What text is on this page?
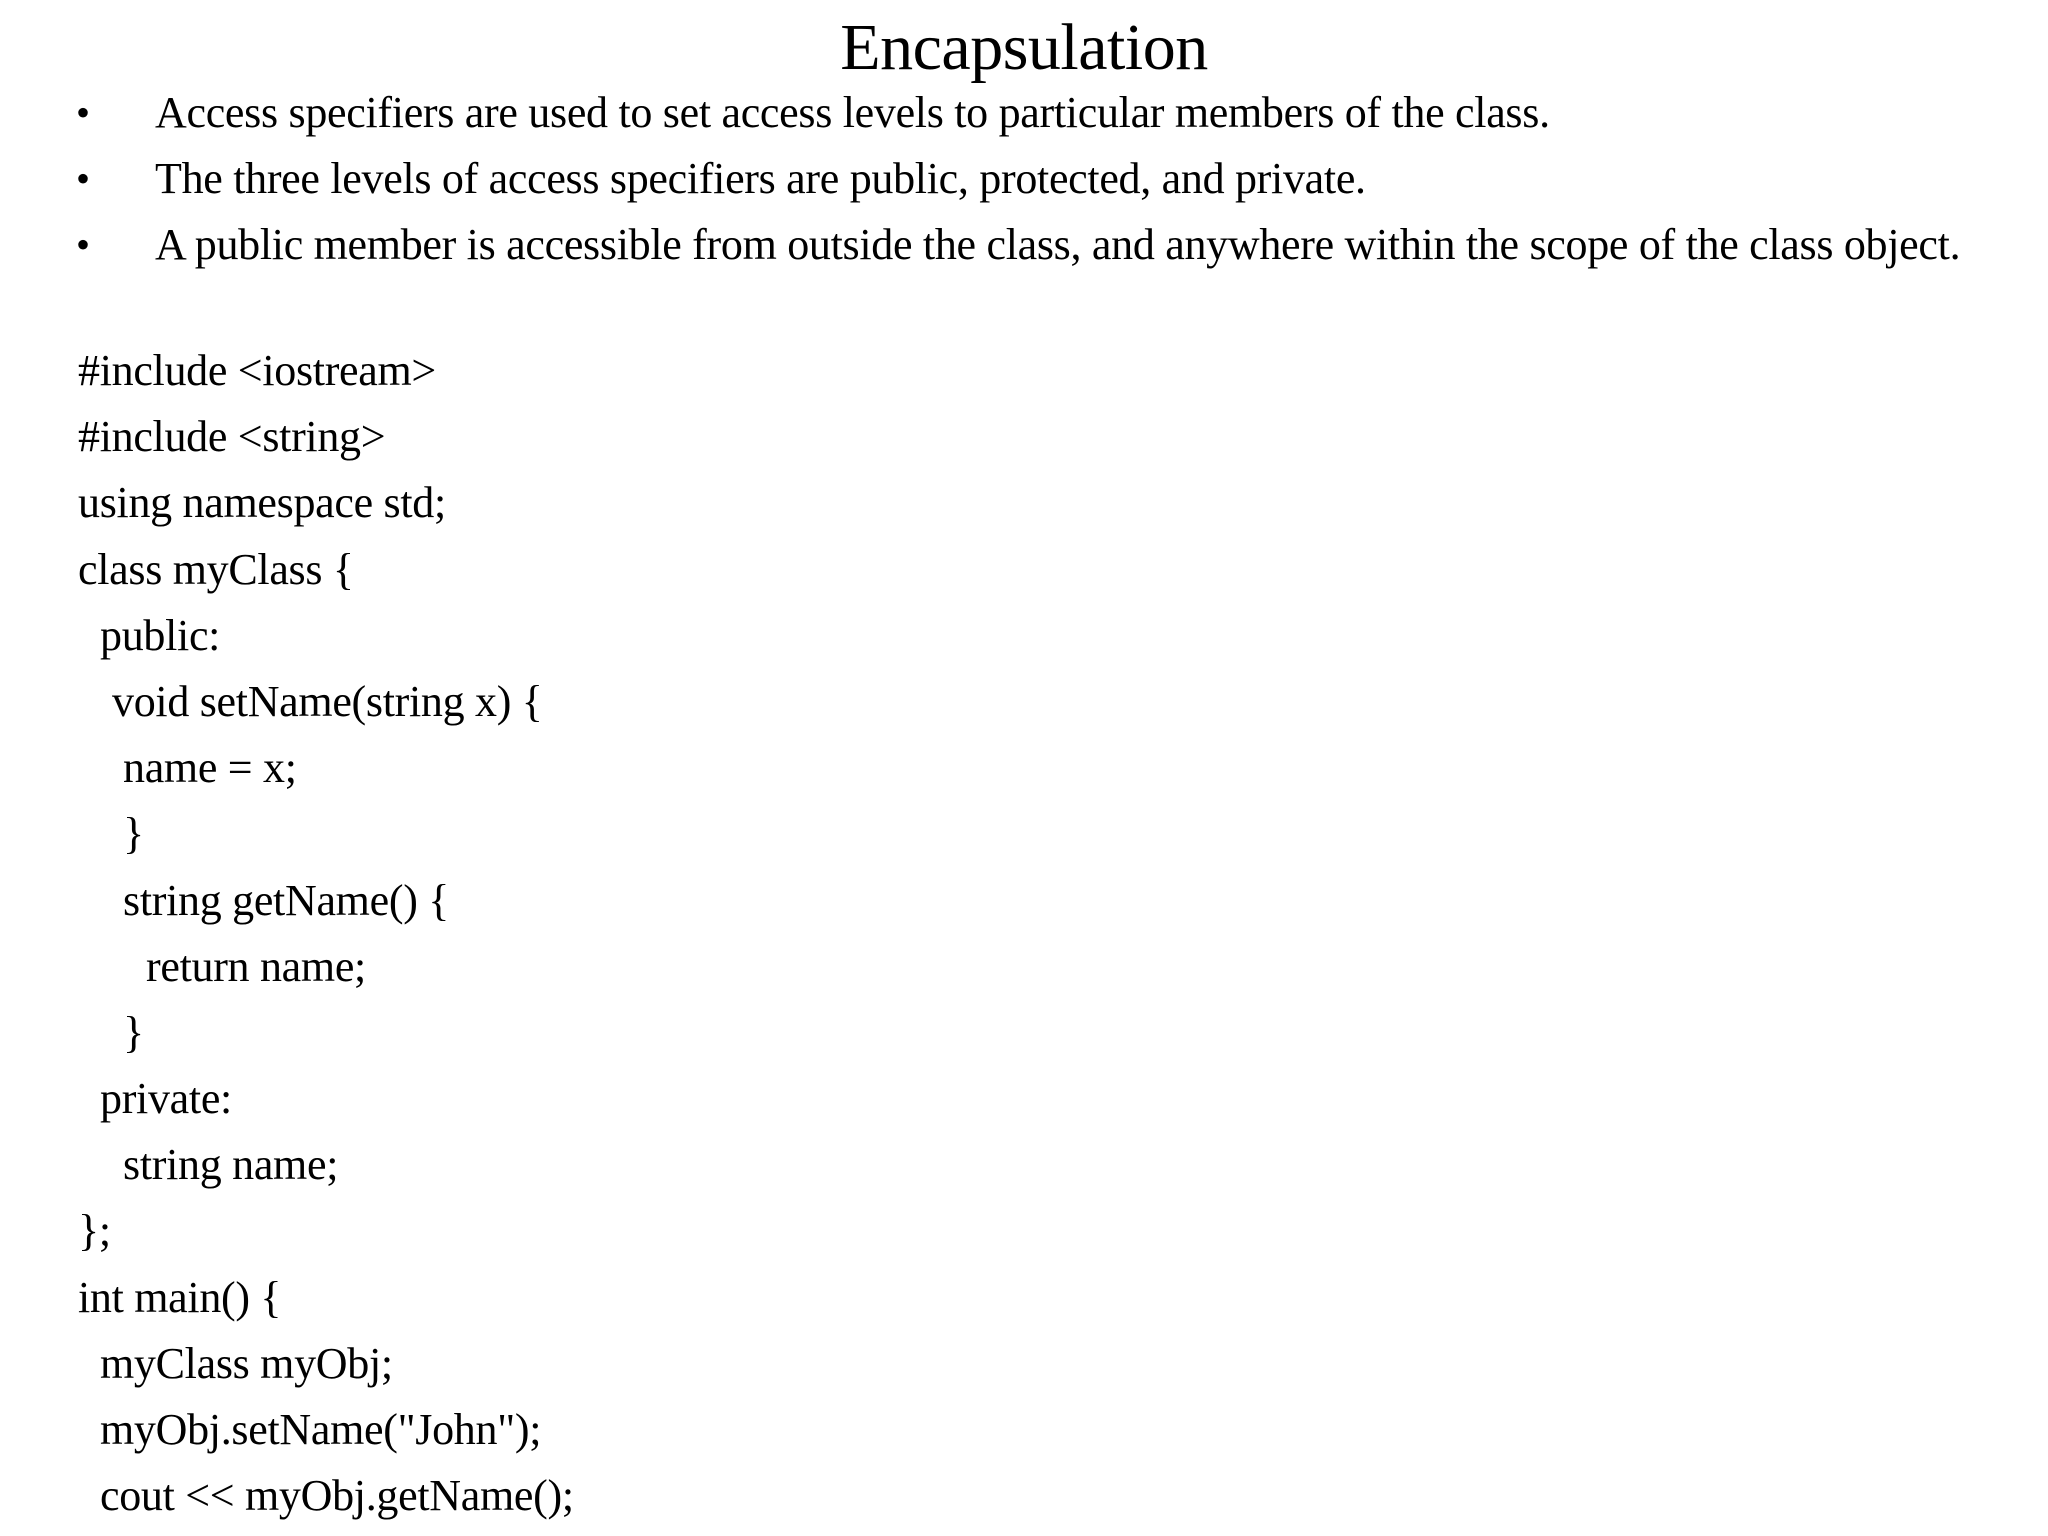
Encapsulation
• Access specifiers are used to set access levels to particular members of the class.
• The three levels of access specifiers are public, protected, and private.
• A public member is accessible from outside the class, and anywhere within the scope of the class object.
#include <iostream>
#include <string>
using namespace std;
class myClass {
public:
void setName(string x) {
name = x;
}
string getName() {
return name;
}
private:
string name;
};
int main() {
myClass myObj;
myObj.setName("John");
cout << myObj.getName();
